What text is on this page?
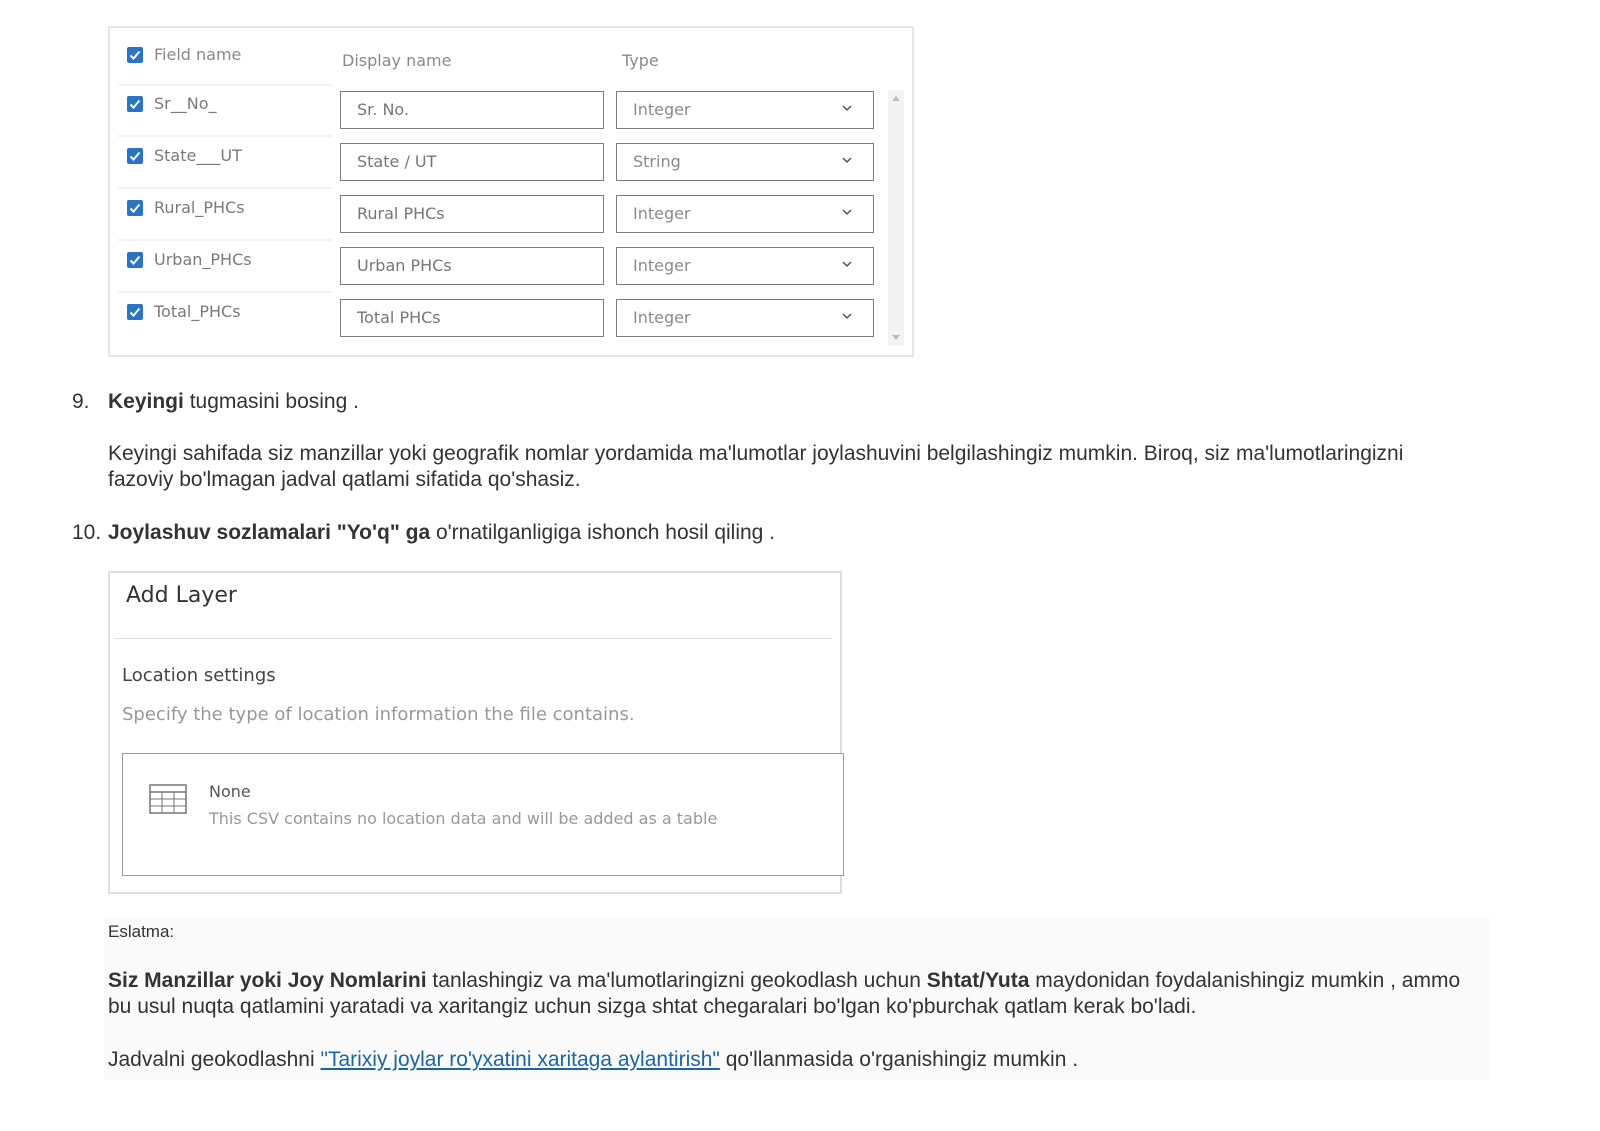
Field name	Display name	Type
Sr__No_	Sr. No.	Integer
State___UT	State / UT	String
Rural_PHCs	Rural PHCs	Integer
Urban_PHCs	Urban PHCs	Integer
Total_PHCs	Total PHCs	Integer
9. Keyingi tugmasini bosing .
Keyingi sahifada siz manzillar yoki geografik nomlar yordamida ma'lumotlar joylashuvini belgilashingiz mumkin. Biroq, siz ma'lumotlaringizni fazoviy bo'lmagan jadval qatlami sifatida qo'shasiz.
10. Joylashuv sozlamalari "Yo'q" ga o'rnatilganligiga ishonch hosil qiling .
Add Layer
Location settings
Specify the type of location information the file contains.
None
This CSV contains no location data and will be added as a table
Eslatma:
Siz Manzillar yoki Joy Nomlarini tanlashingiz va ma'lumotlaringizni geokodlash uchun Shtat/Yuta maydonidan foydalanishingiz mumkin , ammo bu usul nuqta qatlamini yaratadi va xaritangiz uchun sizga shtat chegaralari bo'lgan ko'pburchak qatlam kerak bo'ladi.
Jadvalni geokodlashni "Tarixiy joylar ro'yxatini xaritaga aylantirish" qo'llanmasida o'rganishingiz mumkin .
